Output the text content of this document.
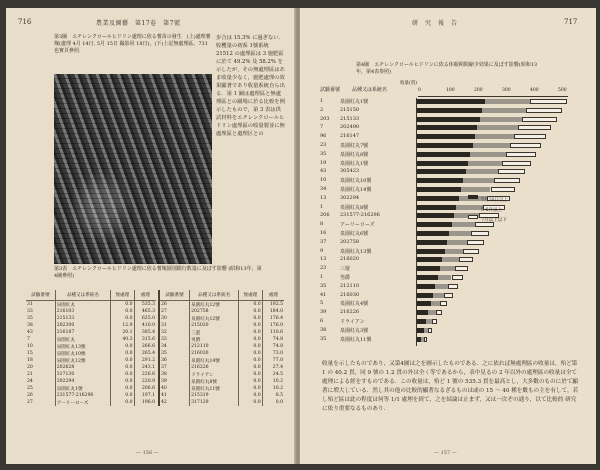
716	農業及園藝　第17卷　第7號
第3圖　エチレンクロールヒドリン處理に依る薯苗の發生　(上)處理薯塊(處理 4月 14日, 5月 15日 撮影同 18日)，(下)上記無處理區，731也實頁參照．
步合は 15.3% に過ぎない．收穫量の初系 1號系統 21512 の處理區は 3 施肥區に於て 49.2% 及 58.2% を示したが，その無處理區はあま收量少なく，施肥處理の效果顯著であり收量系統自ら出る．第 1 圖は處理區と無處理區との圃場に於る比較を例示したもので，第 3 表は供試材料をエチレンクロールヒドリン處理區の收量製並に無處理區と處理区との
第3表　エチレンクロールヒドリン處理に依る薯塊園別銀行数量に及ぼす影響 (昭和13年，第4圖參照)
試驗番號	品種又は系統名	無處理	處理
31	泉園紅丸	0.0	535.3
33	216103	0.0	465.3
35	215133	0.0	625.0
38	202300	12.9	410.0
43	216187	20.1	385.4
7	泉園紅丸	40.3	315.6
10	泉園紅丸13號	0.0	266.6
15	泉園紅丸10號	0.0	265.4
18	泉園紅丸12號	0.0	291.2
20	202628	0.0	243.1
21	317130	0.0	226.6
24	302294	0.0	220.9
25	泉園紅丸1號	0.0	206.6
26	231577-216296	0.0	197.1
27	アーリーローズ	0.0	196.0
試驗番號	品種又は系統名	無處理	處理
26	泉園紅丸12號	0.0	192.5
27	202758	0.0	184.0
30	泉園紅丸12號	0.0	176.4
31	215020	0.0	176.0
32	三遊	0.0	110.6
33	男爵	0.0	74.8
34	212110	0.0	74.8
35	216030	0.0	73.0
36	泉園紅丸14號	0.0	77.0
37	216226	0.0	27.4
38	ドライアン	0.0	24.5
39	泉園紅丸8號	0.0	10.2
40	泉園紅丸11號	0.0	10.2
41	215319	0.0	8.5
42	317129	0.0	0.0
— 156 —
研　究　報　告	717
第4圖　エチレンクロールヒドリンに依る休眠期間縮少効果に及ぼす影響(昭和13年，第4表参照)
試驗番號 品種又は系統名
收量(貫)
0	100	200	300	400	500
1	泉園紅丸1號
2	215150
203 215133
7	202490
96	216147
23	泉園紅丸7號
35	泉園紅丸8號
19	泉園紅丸1號
43	305423
10	泉園紅丸10號
34	泉園紅丸14號
13	302294
1	泉園紅丸8號
206 231577-216296
8	アーリーローズ
16	泉園紅丸6號
37	202758
9	泉園紅丸13號
13	216020
23	三遊
1	男爵
35	212110
41	216030
5	泉園紅丸4號
39	216226
6	ドライアン
38	泉園紅丸3號
35	泉園紅丸11號
7月26日以上
5-6月以上
7月以上以下
收量を示したものであり，又第4圖は之を圖示したものである．之に依れば無處理區の收量は，殆ど第 1 の 40.2 貫，同 9 號の 1.2 貫の外は全く等であるから，表中見るの 2 年以外の處理區の收量は全て處理による經をすものである．この收量は，殆ど 1 號の 535.3 貫を最高とし，大多數のものに於て顯著に増大している．然し其の他の比較的顯著なるざるものは或の 15 ～ 40 種を數もの主を有して，若し殆ど區は此の程度は何等 1/1 處理を經て，之を結論は止まず，又は一次ぞの通り，以て比較的 研究に依り重要なるものあり．
— 157 —
